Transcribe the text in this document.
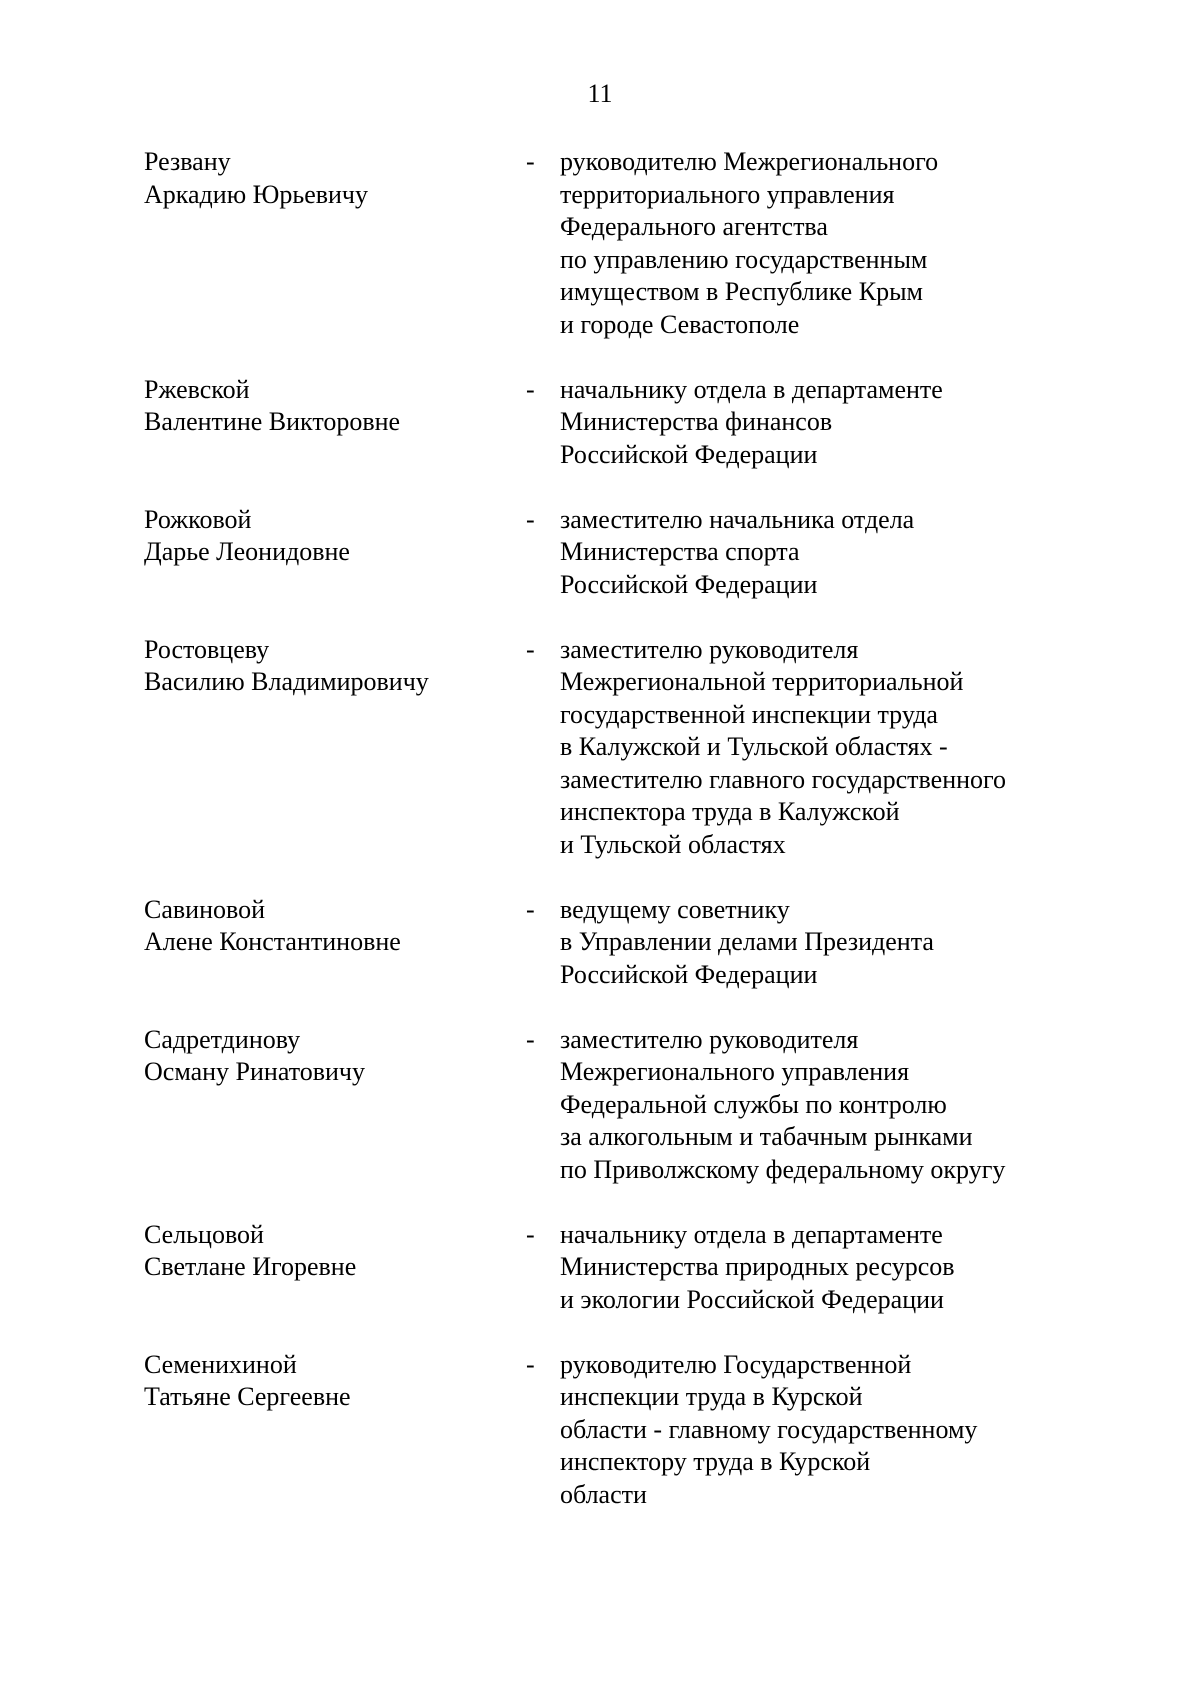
11
Резвану
Аркадию Юрьевичу
- руководителю Межрегионального
территориального управления
Федерального агентства
по управлению государственным
имуществом в Республике Крым
и городе Севастополе
Ржевской
Валентине Викторовне
- начальнику отдела в департаменте
Министерства финансов
Российской Федерации
Рожковой
Дарье Леонидовне
- заместителю начальника отдела
Министерства спорта
Российской Федерации
Ростовцеву
Василию Владимировичу
- заместителю руководителя
Межрегиональной территориальной
государственной инспекции труда
в Калужской и Тульской областях -
заместителю главного государственного
инспектора труда в Калужской
и Тульской областях
Савиновой
Алене Константиновне
- ведущему советнику
в Управлении делами Президента
Российской Федерации
Садретдинову
Осману Ринатовичу
- заместителю руководителя
Межрегионального управления
Федеральной службы по контролю
за алкогольным и табачным рынками
по Приволжскому федеральному округу
Сельцовой
Светлане Игоревне
- начальнику отдела в департаменте
Министерства природных ресурсов
и экологии Российской Федерации
Семенихиной
Татьяне Сергеевне
- руководителю Государственной
инспекции труда в Курской
области - главному государственному
инспектору труда в Курской
области
